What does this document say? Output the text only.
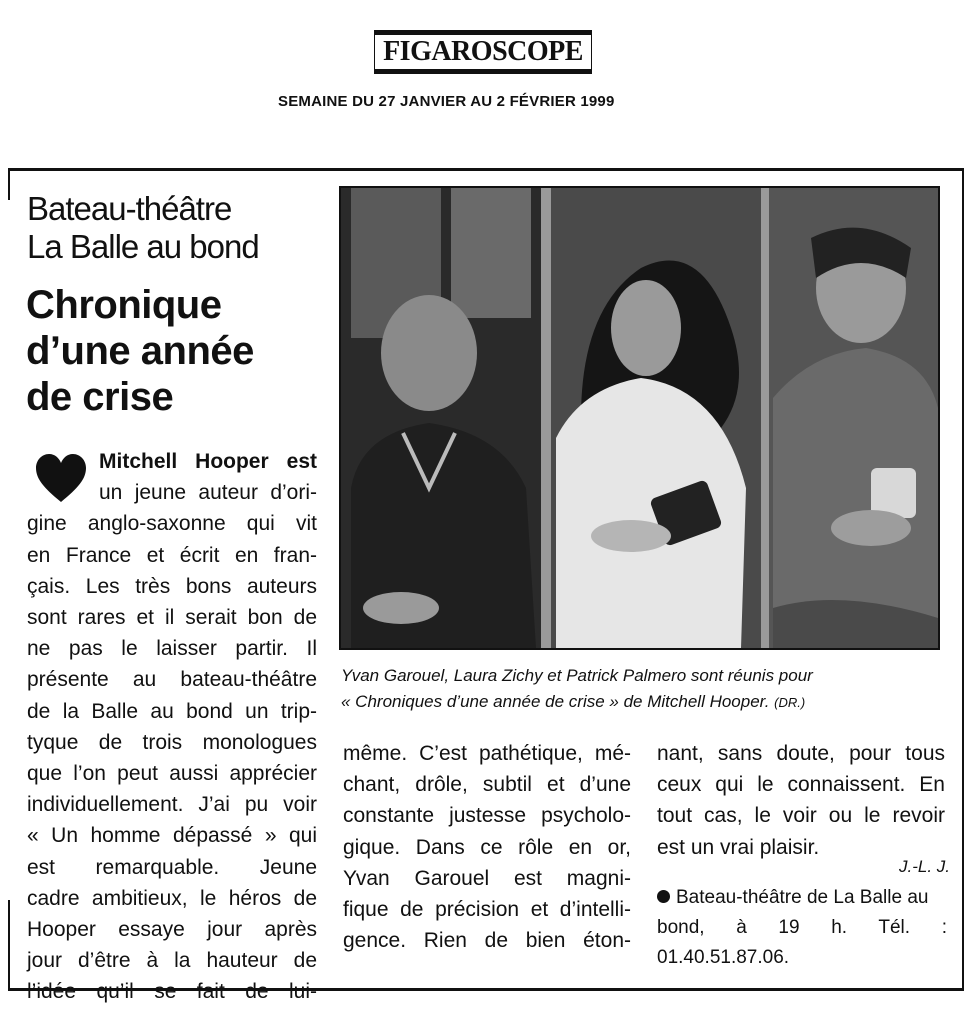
FIGAROSCOPE
SEMAINE DU 27 JANVIER AU 2 FÉVRIER 1999
Bateau-théâtre
La Balle au bond
Chronique
d’une année
de crise
Mitchell Hooper est
un jeune auteur d’ori-
gine anglo-saxonne qui vit
en France et écrit en fran-
çais. Les très bons auteurs
sont rares et il serait bon de
ne pas le laisser partir. Il
présente au bateau-théâtre
de la Balle au bond un trip-
tyque de trois monologues
que l’on peut aussi apprécier
individuellement. J’ai pu voir
« Un homme dépassé » qui
est remarquable. Jeune
cadre ambitieux, le héros de
Hooper essaye jour après
jour d’être à la hauteur de
l’idée qu’il se fait de lui-
Yvan Garouel, Laura Zichy et Patrick Palmero sont réunis pour
« Chroniques d’une année de crise » de Mitchell Hooper. (DR.)
même. C’est pathétique, mé-
chant, drôle, subtil et d’une
constante justesse psycholo-
gique. Dans ce rôle en or,
Yvan Garouel est magni-
fique de précision et d’intelli-
gence. Rien de bien éton-
nant, sans doute, pour tous
ceux qui le connaissent. En
tout cas, le voir ou le revoir
est un vrai plaisir.
J.-L. J.
Bateau-théâtre de La Balle au
bond, à 19 h. Tél. :
01.40.51.87.06.
